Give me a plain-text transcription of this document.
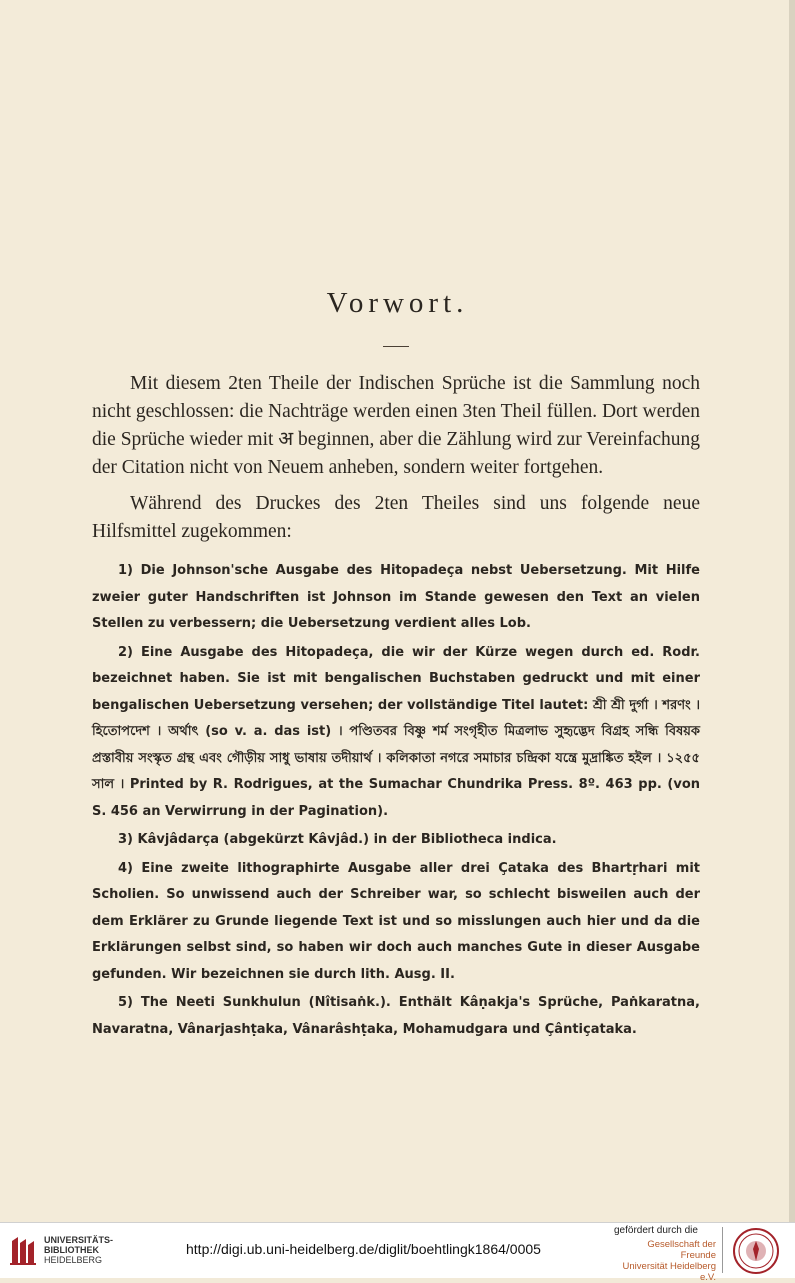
Vorwort.

Mit diesem 2ten Theile der Indischen Sprüche ist die Sammlung noch nicht geschlossen: die Nachträge werden einen 3ten Theil füllen. Dort werden die Sprüche wieder mit अ beginnen, aber die Zählung wird zur Vereinfachung der Citation nicht von Neuem anheben, sondern weiter fortgehen.

Während des Druckes des 2ten Theiles sind uns folgende neue Hilfsmittel zugekommen:

1) Die Johnson'sche Ausgabe des Hitopadeça nebst Uebersetzung. Mit Hilfe zweier guter Handschriften ist Johnson im Stande gewesen den Text an vielen Stellen zu verbessern; die Uebersetzung verdient alles Lob.

2) Eine Ausgabe des Hitopadeça, die wir der Kürze wegen durch ed. Rodr. bezeichnet haben. Sie ist mit bengalischen Buchstaben gedruckt und mit einer bengalischen Uebersetzung versehen; der vollständige Titel lautet: শ্রী শ্রী দুর্গা । শরণং । হিতোপদেশ । অর্থাৎ (so v. a. das ist) । পণ্ডিতবর বিষ্ণু শর্ম সংগৃহীত মিত্রলাভ সুহৃদ্ভেদ বিগ্রহ সন্ধি বিষয়ক প্রস্তাবীয় সংস্কৃত গ্রন্থ এবং গৌড়ীয় সাধু ভাষায় তদীয়ার্থ । কলিকাতা নগরে সমাচার চন্দ্রিকা যন্ত্রে মুদ্রাঙ্কিত হইল । ১২৫৫ সাল । Printed by R. Rodrigues, at the Sumachar Chundrika Press. 8º. 463 pp. (von S. 456 an Verwirrung in der Pagination).

3) Kâvjâdarça (abgekürzt Kâvjâd.) in der Bibliotheca indica.

4) Eine zweite lithographirte Ausgabe aller drei Çataka des Bhartṛhari mit Scholien. So unwissend auch der Schreiber war, so schlecht bisweilen auch der dem Erklärer zu Grunde liegende Text ist und so misslungen auch hier und da die Erklärungen selbst sind, so haben wir doch auch manches Gute in dieser Ausgabe gefunden. Wir bezeichnen sie durch lith. Ausg. II.

5) The Neeti Sunkhulun (Nîtisaṅk.). Enthält Kâṇakja's Sprüche, Paṅkaratna, Navaratna, Vânarjashṭaka, Vânarâshṭaka, Mohamudgara und Çântiçataka.

UNIVERSITÄTS-
BIBLIOTHEK
HEIDELBERG
http://digi.ub.uni-heidelberg.de/diglit/boehtlingk1864/0005
gefördert durch die
Gesellschaft der Freunde
Universität Heidelberg e.V.
